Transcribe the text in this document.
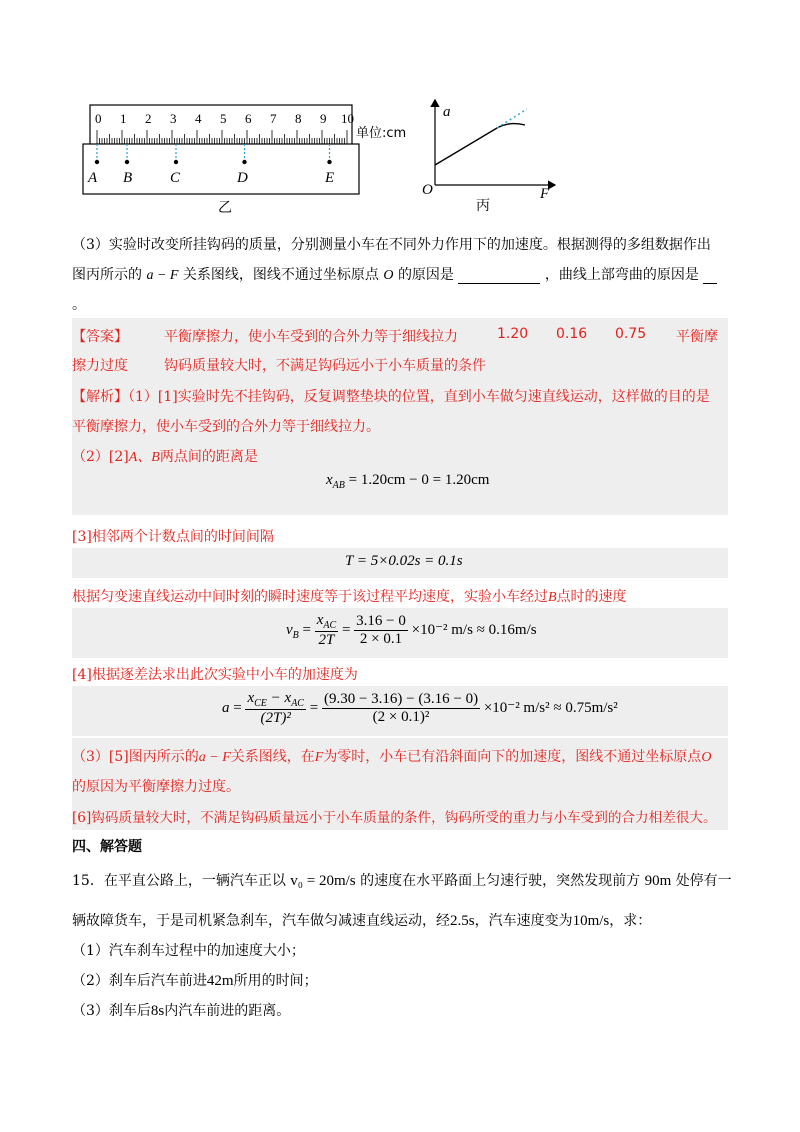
0 1 2 3 4 5 6 7 8 9 10
单位:cm
A B	C	D	E
乙
a
O	F
丙
（3）实验时改变所挂钩码的质量，分别测量小车在不同外力作用下的加速度。根据测得的多组数据作出
图丙所示的 a − F 关系图线，图线不通过坐标原点 O 的原因是	，曲线上部弯曲的原因是
。
【答案】	平衡摩擦力，使小车受到的合外力等于细线拉力	1.20 0.16 0.75 平衡摩
擦力过度	钩码质量较大时，不满足钩码远小于小车质量的条件
【解析】（1）[1]实验时先不挂钩码，反复调整垫块的位置，直到小车做匀速直线运动，这样做的目的是
平衡摩擦力，使小车受到的合外力等于细线拉力。
（2）[2]A、B两点间的距离是
$x_{AB} = 1.20cm - 0 = 1.20cm$
[3]相邻两个计数点间的时间间隔
T = 5×0.02s = 0.1s
根据匀变速直线运动中间时刻的瞬时速度等于该过程平均速度，实验小车经过B点时的速度
$v_B = \frac{x_{AC}}{2T} = \frac{3.16 - 0}{2 \times 0.1} \times 10^{-2}$ m/s ≈ 0.16m/s
[4]根据逐差法求出此次实验中小车的加速度为
$a = \frac{x_{CE} - x_{AC}}{\text{(2T)²}} = \frac{(9.30 - 3.16) - (3.16 - 0)}{\text{(2 × 0.1)²}} \times 10^{-2}$ m/s² ≈ 0.75m/s²
（3）[5]图丙所示的a − F关系图线，在F为零时，小车已有沿斜面向下的加速度，图线不通过坐标原点O
的原因为平衡摩擦力过度。
[6]钩码质量较大时，不满足钩码质量远小于小车质量的条件，钩码所受的重力与小车受到的合力相差很大。
四、解答题
15．在平直公路上，一辆汽车正以 v₀ = 20m/s 的速度在水平路面上匀速行驶，突然发现前方 90m 处停有一
辆故障货车，于是司机紧急刹车，汽车做匀减速直线运动，经2.5s，汽车速度变为10m/s，求：
（1）汽车刹车过程中的加速度大小；
（2）刹车后汽车前进42m所用的时间；
（3）刹车后8s内汽车前进的距离。
